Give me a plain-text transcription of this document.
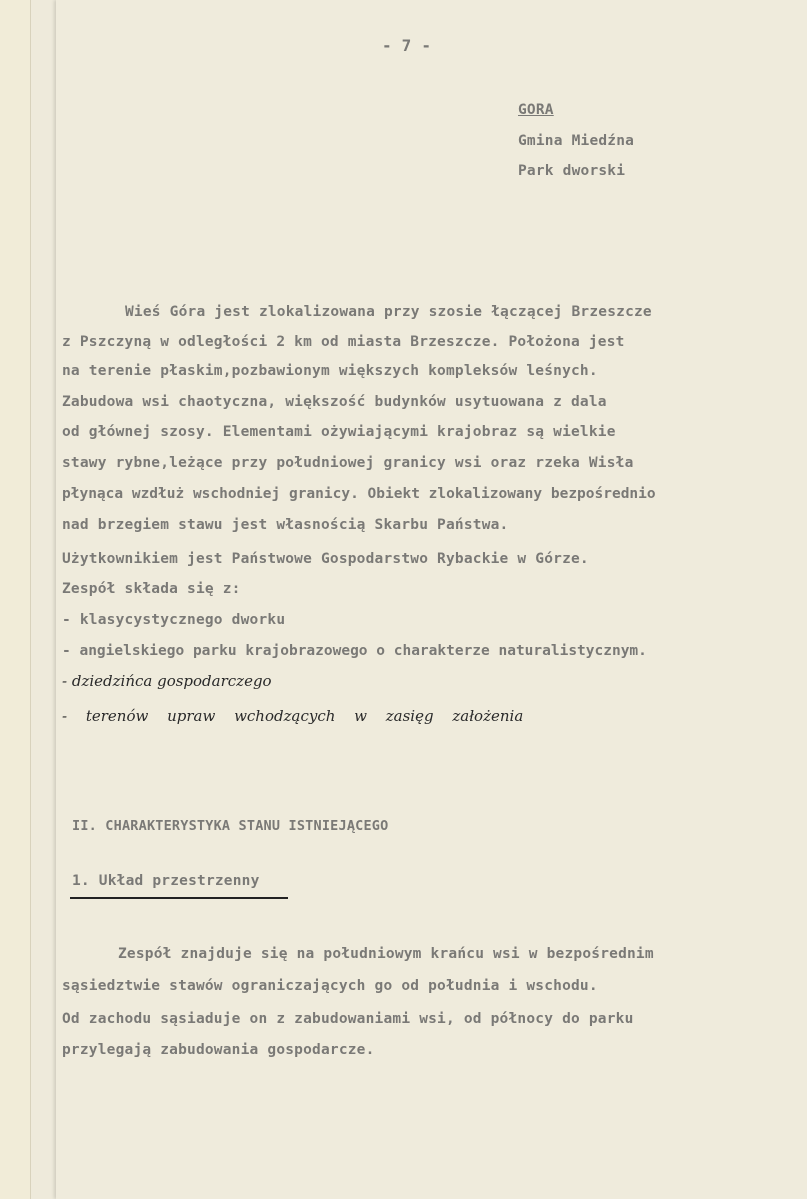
- 7 -
GORA
Gmina Miedźna
Park dworski
Wieś Góra jest zlokalizowana przy szosie łączącej Brzeszcze
z Pszczyną w odległości 2 km od miasta Brzeszcze. Położona jest
na terenie płaskim,pozbawionym większych kompleksów leśnych.
Zabudowa wsi chaotyczna, większość budynków usytuowana z dala
od głównej szosy. Elementami ożywiającymi krajobraz są wielkie
stawy rybne,leżące przy południowej granicy wsi oraz rzeka Wisła
płynąca wzdłuż wschodniej granicy. Obiekt zlokalizowany bezpośrednio
nad brzegiem stawu jest własnością Skarbu Państwa.
Użytkownikiem jest Państwowe Gospodarstwo Rybackie w Górze.
Zespół składa się z:
- klasycystycznego dworku
- angielskiego parku krajobrazowego o charakterze naturalistycznym.
- dziedzińca gospodarczego
- terenów upraw wchodzących w zasięg założenia
II. CHARAKTERYSTYKA STANU ISTNIEJĄCEGO
1. Układ przestrzenny
Zespół znajduje się na południowym krańcu wsi w bezpośrednim
sąsiedztwie stawów ograniczających go od południa i wschodu.
Od zachodu sąsiaduje on z zabudowaniami wsi, od północy do parku
przylegają zabudowania gospodarcze.
